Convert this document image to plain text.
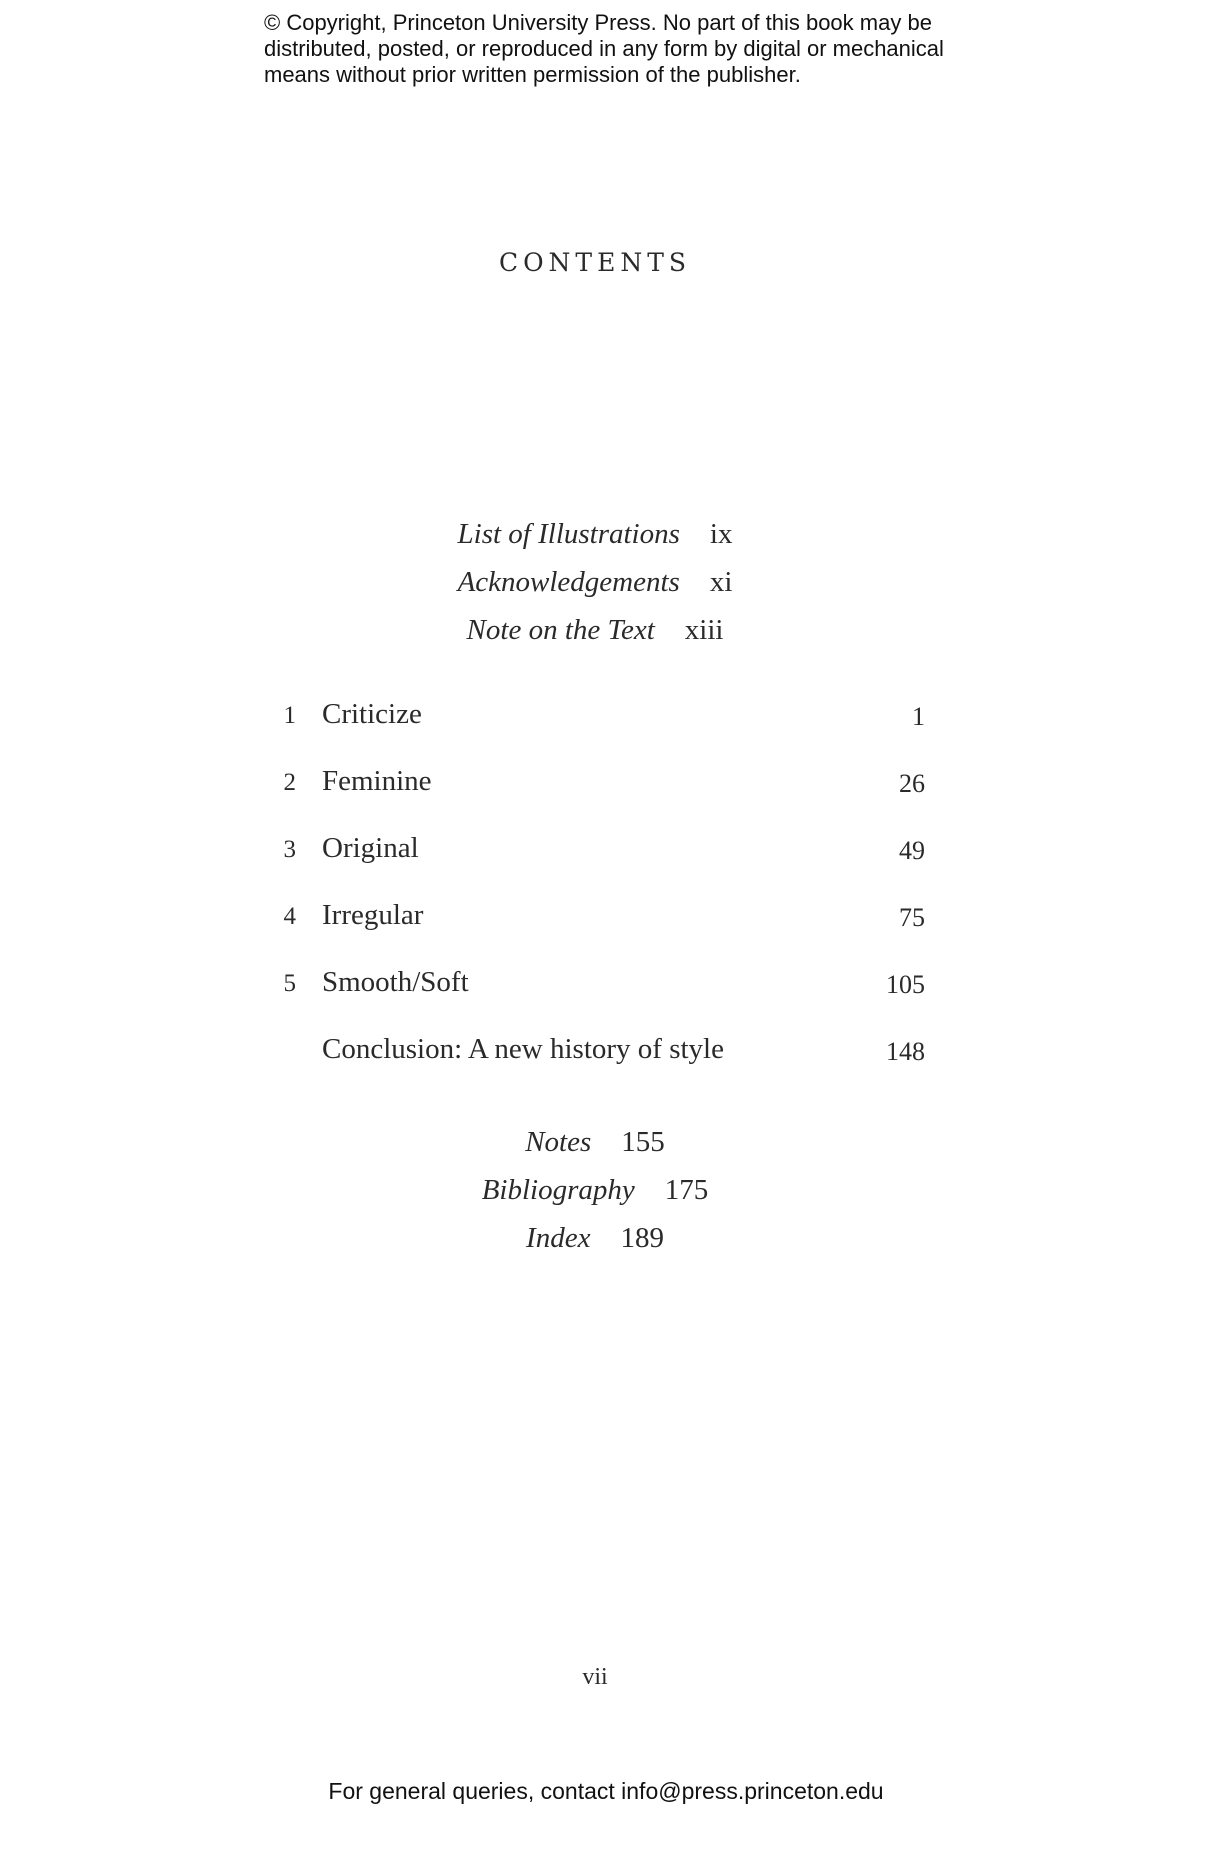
© Copyright, Princeton University Press. No part of this book may be
distributed, posted, or reproduced in any form by digital or mechanical
means without prior written permission of the publisher.
CONTENTS
List of Illustrations ix
Acknowledgements xi
Note on the Text xiii
1 Criticize	1
2 Feminine	26
3 Original	49
4 Irregular	75
5 Smooth/Soft	105
Conclusion: A new history of style	148
Notes 155
Bibliography 175
Index 189
vii
For general queries, contact info@press.princeton.edu
